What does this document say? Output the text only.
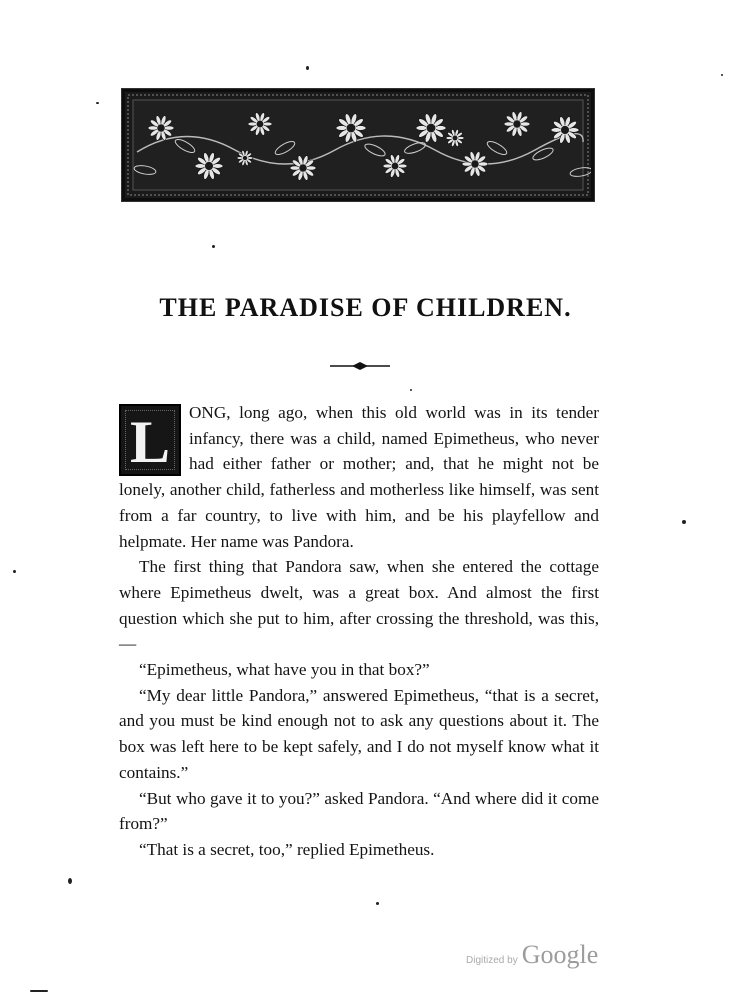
THE PARADISE OF CHILDREN.

L	ONG, long ago, when this old world was in its tender infancy, there was a child, named Epimetheus, who never had either father or mother; and, that he might not be lonely, another child, fatherless and motherless like himself, was sent from a far country, to live with him, and be his playfellow and helpmate. Her name was Pandora.

The first thing that Pandora saw, when she entered the cottage where Epimetheus dwelt, was a great box. And almost the first question which she put to him, after crossing the threshold, was this, —

“Epimetheus, what have you in that box?”

“My dear little Pandora,” answered Epimetheus, “that is a secret, and you must be kind enough not to ask any questions about it. The box was left here to be kept safely, and I do not myself know what it contains.”

“But who gave it to you?” asked Pandora. “And where did it come from?”

“That is a secret, too,” replied Epimetheus.

Digitized by Google
